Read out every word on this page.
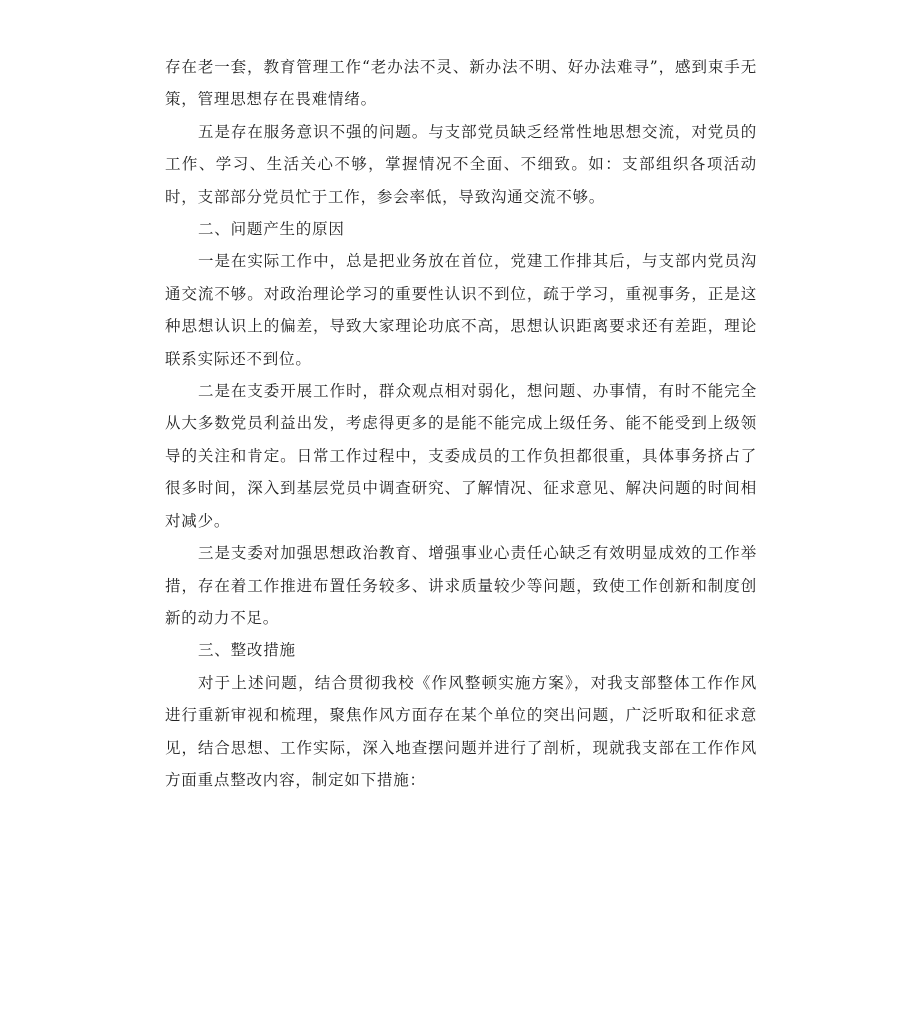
存在老一套，教育管理工作“老办法不灵、新办法不明、好办法难寻”，感到束手无策，管理思想存在畏难情绪。

五是存在服务意识不强的问题。与支部党员缺乏经常性地思想交流，对党员的工作、学习、生活关心不够，掌握情况不全面、不细致。如：支部组织各项活动时，支部部分党员忙于工作，参会率低，导致沟通交流不够。

二、问题产生的原因

一是在实际工作中，总是把业务放在首位，党建工作排其后，与支部内党员沟通交流不够。对政治理论学习的重要性认识不到位，疏于学习，重视事务，正是这种思想认识上的偏差，导致大家理论功底不高，思想认识距离要求还有差距，理论联系实际还不到位。

二是在支委开展工作时，群众观点相对弱化，想问题、办事情，有时不能完全从大多数党员利益出发，考虑得更多的是能不能完成上级任务、能不能受到上级领导的关注和肯定。日常工作过程中，支委成员的工作负担都很重，具体事务挤占了很多时间，深入到基层党员中调查研究、了解情况、征求意见、解决问题的时间相对减少。

三是支委对加强思想政治教育、增强事业心责任心缺乏有效明显成效的工作举措，存在着工作推进布置任务较多、讲求质量较少等问题，致使工作创新和制度创新的动力不足。

三、整改措施

对于上述问题，结合贯彻我校《作风整顿实施方案》，对我支部整体工作作风进行重新审视和梳理，聚焦作风方面存在某个单位的突出问题，广泛听取和征求意见，结合思想、工作实际，深入地查摆问题并进行了剖析，现就我支部在工作作风方面重点整改内容，制定如下措施：
